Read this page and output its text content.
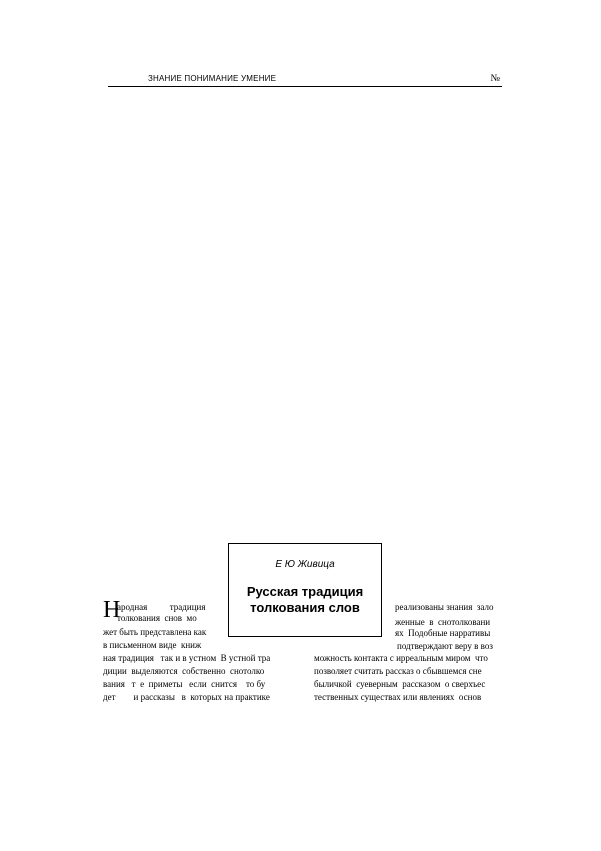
ЗНАНИЕ ПОНИМАНИЕ УМЕНИЕ	№
Е Ю Живица
Русская традиция
толкования слов
Н
ародная          традиция
толкования  снов  мо
жет быть представлена как
в письменном виде  книж
ная традиция   так и в устном  В устной тра
диции  выделяются  собственно  снотолко
вания   т  е  приметы   если  снится    то бу
дет        и рассказы   в  которых на практике
реализованы знания  зало
женные  в  снотолковани
ях  Подобные нарративы
подтверждают веру в воз
можность контакта с ирреальным миром  что
позволяет считать рассказ о сбывшемся сне
быличкой  суеверным  рассказом  о сверхъес
тественных существах или явлениях  основ
